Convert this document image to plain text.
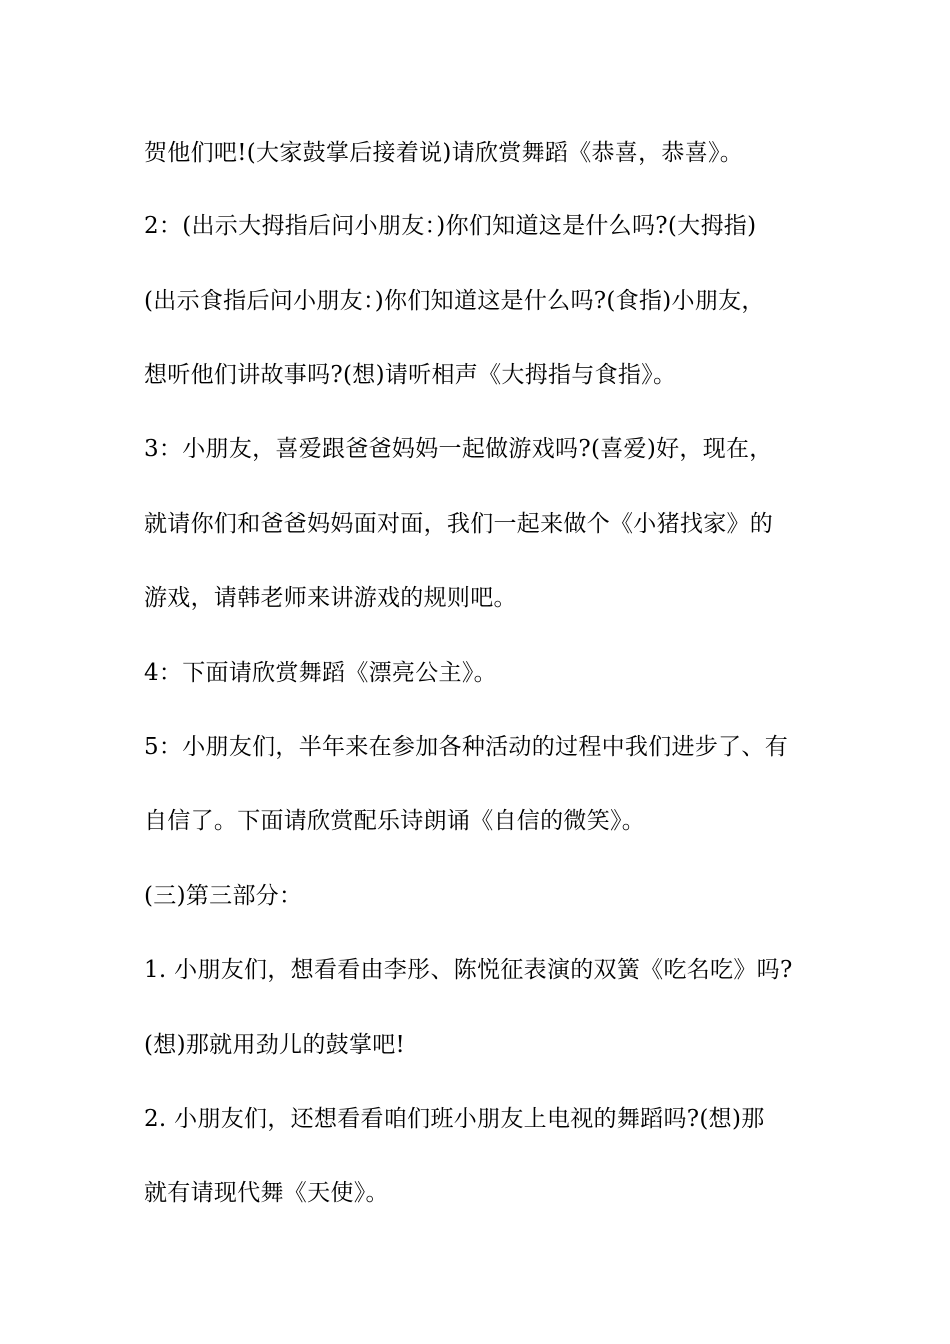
贺他们吧!(大家鼓掌后接着说)请欣赏舞蹈《恭喜，恭喜》。
2：(出示大拇指后问小朋友：)你们知道这是什么吗?(大拇指)
(出示食指后问小朋友：)你们知道这是什么吗?(食指)小朋友，
想听他们讲故事吗?(想)请听相声《大拇指与食指》。
3：小朋友，喜爱跟爸爸妈妈一起做游戏吗?(喜爱)好，现在，
就请你们和爸爸妈妈面对面，我们一起来做个《小猪找家》的
游戏，请韩老师来讲游戏的规则吧。
4：下面请欣赏舞蹈《漂亮公主》。
5：小朋友们，半年来在参加各种活动的过程中我们进步了、有
自信了。下面请欣赏配乐诗朗诵《自信的微笑》。
(三)第三部分：
1. 小朋友们，想看看由李彤、陈悦征表演的双簧《吃名吃》吗?
(想)那就用劲儿的鼓掌吧!
2. 小朋友们，还想看看咱们班小朋友上电视的舞蹈吗?(想)那
就有请现代舞《天使》。
